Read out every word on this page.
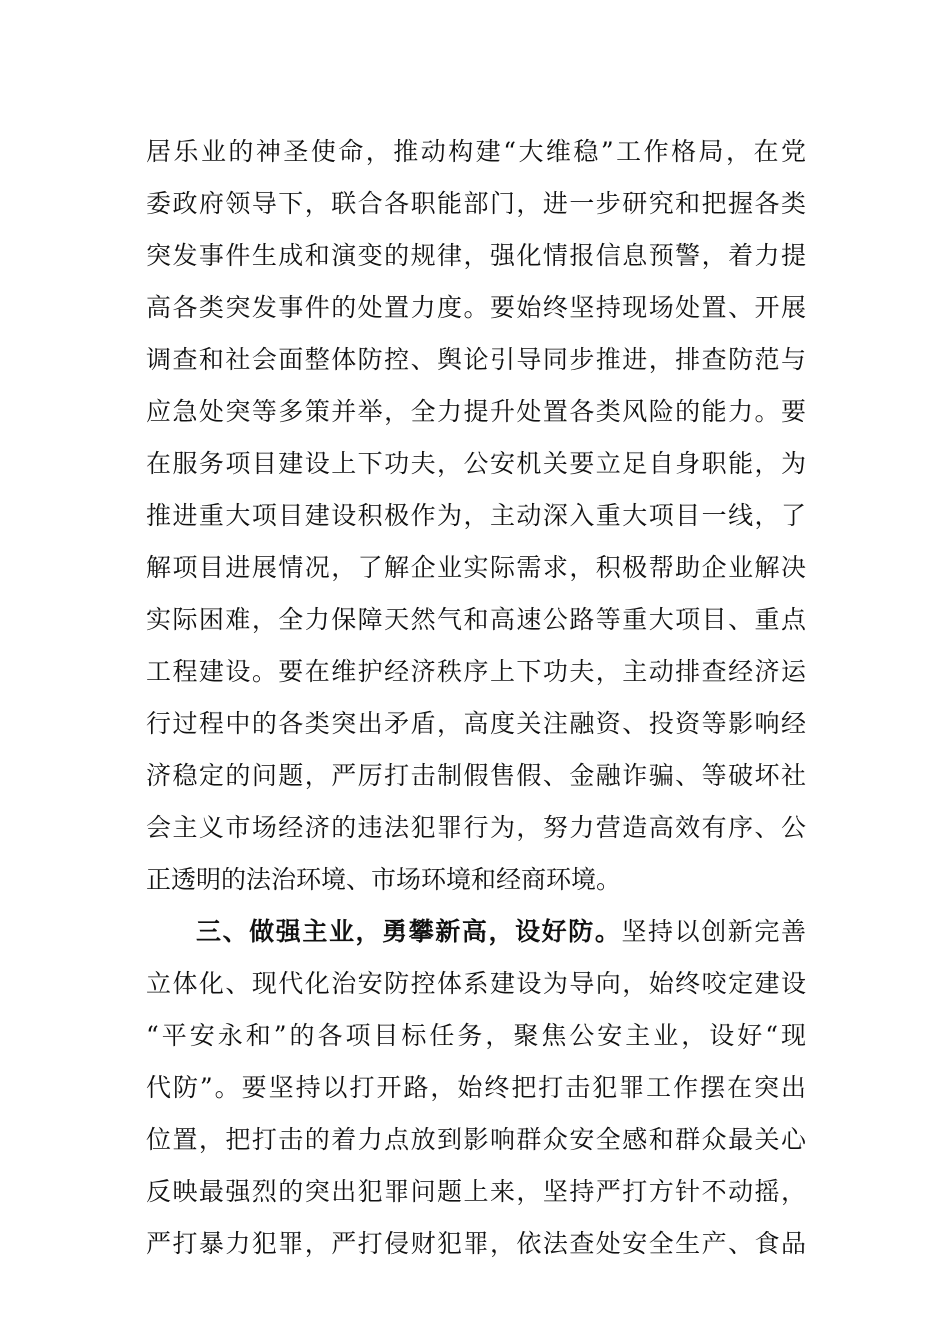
居乐业的神圣使命，推动构建“大维稳”工作格局，在党
委政府领导下，联合各职能部门，进一步研究和把握各类
突发事件生成和演变的规律，强化情报信息预警，着力提
高各类突发事件的处置力度。要始终坚持现场处置、开展
调查和社会面整体防控、舆论引导同步推进，排查防范与
应急处突等多策并举，全力提升处置各类风险的能力。要
在服务项目建设上下功夫，公安机关要立足自身职能，为
推进重大项目建设积极作为，主动深入重大项目一线，了
解项目进展情况，了解企业实际需求，积极帮助企业解决
实际困难，全力保障天然气和高速公路等重大项目、重点
工程建设。要在维护经济秩序上下功夫，主动排查经济运
行过程中的各类突出矛盾，高度关注融资、投资等影响经
济稳定的问题，严厉打击制假售假、金融诈骗、等破坏社
会主义市场经济的违法犯罪行为，努力营造高效有序、公
正透明的法治环境、市场环境和经商环境。
三、做强主业，勇攀新高，设好防。坚持以创新完善
立体化、现代化治安防控体系建设为导向，始终咬定建设
“平安永和”的各项目标任务，聚焦公安主业，设好“现
代防”。要坚持以打开路，始终把打击犯罪工作摆在突出
位置，把打击的着力点放到影响群众安全感和群众最关心
反映最强烈的突出犯罪问题上来，坚持严打方针不动摇，
严打暴力犯罪，严打侵财犯罪，依法查处安全生产、食品
